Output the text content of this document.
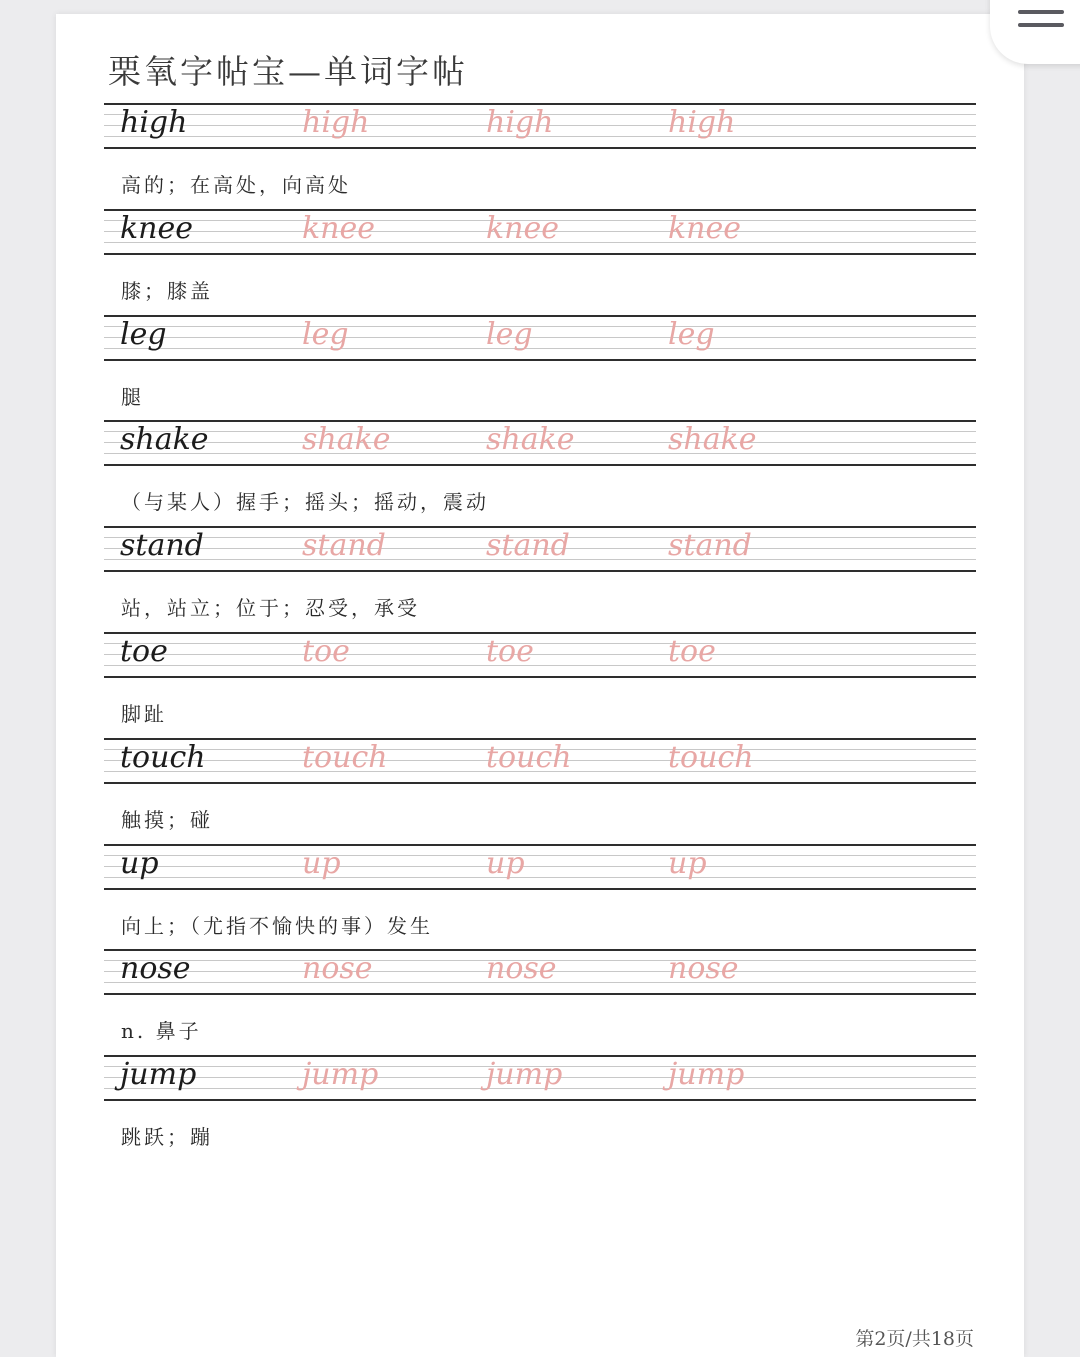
栗氧字帖宝—单词字帖
high	high	high	high
高的；在高处，向高处
knee	knee	knee	knee
膝；膝盖
leg	leg	leg	leg
腿
shake	shake	shake	shake
（与某人）握手；摇头；摇动，震动
stand	stand	stand	stand
站，站立；位于；忍受，承受
toe	toe	toe	toe
脚趾
touch	touch	touch	touch
触摸；碰
up	up	up	up
向上；（尤指不愉快的事）发生
nose	nose	nose	nose
n. 鼻子
jump	jump	jump	jump
跳跃；蹦
第2页/共18页
